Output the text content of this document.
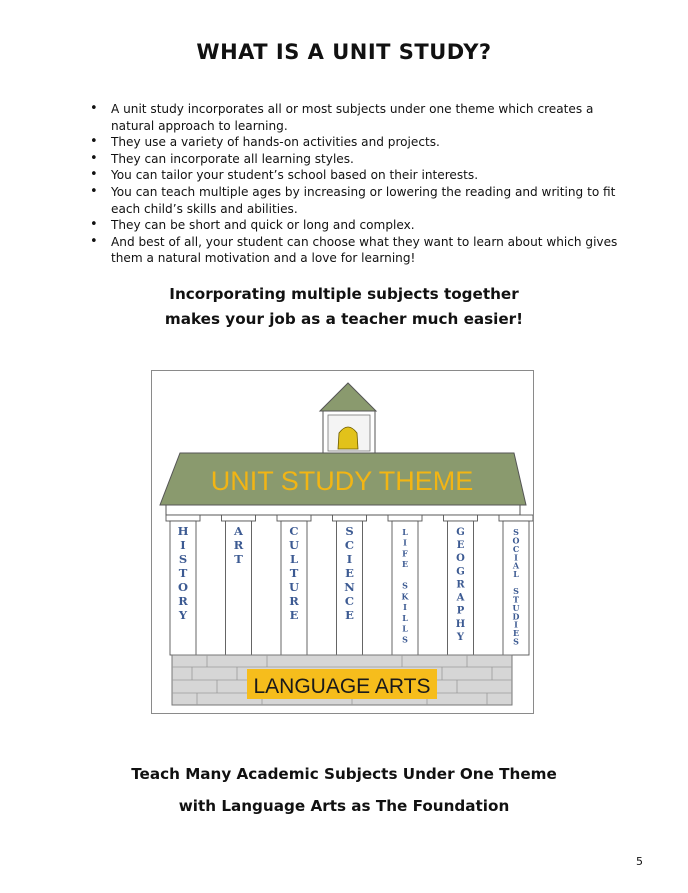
WHAT IS A UNIT STUDY?
• A unit study incorporates all or most subjects under one theme which creates a natural approach to learning.
• They use a variety of hands-on activities and projects.
• They can incorporate all learning styles.
• You can tailor your student’s school based on their interests.
• You can teach multiple ages by increasing or lowering the reading and writing to fit each child’s skills and abilities.
• They can be short and quick or long and complex.
• And best of all, your student can choose what they want to learn about which gives them a natural motivation and a love for learning!
Incorporating multiple subjects together
makes your job as a teacher much easier!
UNIT STUDY THEME
H
I
S
T
O
R
Y
A
R
T
C
U
L
T
U
R
E
S
C
I
E
N
C
E
L
I
F
E
S
K
I
L
L
S
G
E
O
G
R
A
P
H
Y
S
O
C
I
A
L
S
T
U
D
I
E
S
LANGUAGE ARTS
Teach Many Academic Subjects Under One Theme
with Language Arts as The Foundation
5
